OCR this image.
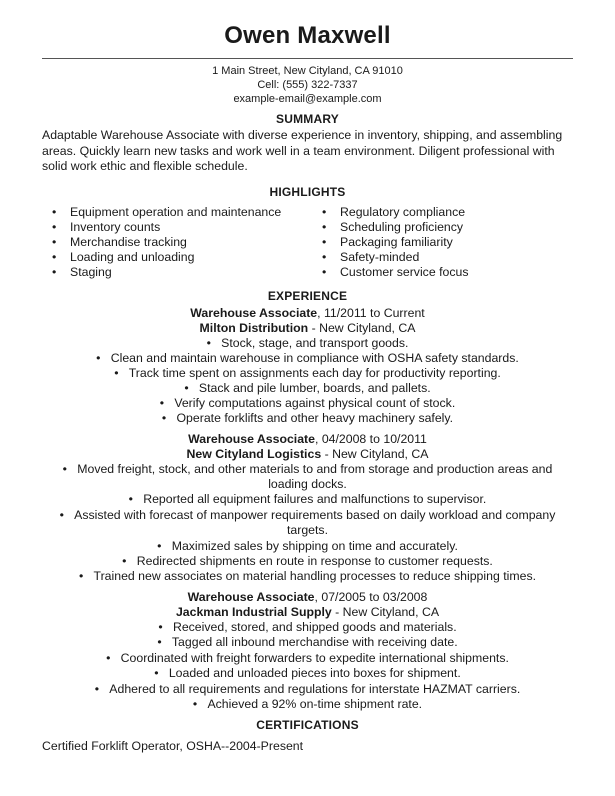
Owen Maxwell
1 Main Street, New Cityland, CA 91010
Cell: (555) 322-7337
example-email@example.com
SUMMARY
Adaptable Warehouse Associate with diverse experience in inventory, shipping, and assembling
areas. Quickly learn new tasks and work well in a team environment. Diligent professional with
solid work ethic and flexible schedule.
HIGHLIGHTS
• Equipment operation and maintenance
• Inventory counts
• Merchandise tracking
• Loading and unloading
• Staging
• Regulatory compliance
• Scheduling proficiency
• Packaging familiarity
• Safety-minded
• Customer service focus
EXPERIENCE
Warehouse Associate, 11/2011 to Current
Milton Distribution - New Cityland, CA
• Stock, stage, and transport goods.
• Clean and maintain warehouse in compliance with OSHA safety standards.
• Track time spent on assignments each day for productivity reporting.
• Stack and pile lumber, boards, and pallets.
• Verify computations against physical count of stock.
• Operate forklifts and other heavy machinery safely.
Warehouse Associate, 04/2008 to 10/2011
New Cityland Logistics - New Cityland, CA
• Moved freight, stock, and other materials to and from storage and production areas and
loading docks.
• Reported all equipment failures and malfunctions to supervisor.
• Assisted with forecast of manpower requirements based on daily workload and company
targets.
• Maximized sales by shipping on time and accurately.
• Redirected shipments en route in response to customer requests.
• Trained new associates on material handling processes to reduce shipping times.
Warehouse Associate, 07/2005 to 03/2008
Jackman Industrial Supply - New Cityland, CA
• Received, stored, and shipped goods and materials.
• Tagged all inbound merchandise with receiving date.
• Coordinated with freight forwarders to expedite international shipments.
• Loaded and unloaded pieces into boxes for shipment.
• Adhered to all requirements and regulations for interstate HAZMAT carriers.
• Achieved a 92% on-time shipment rate.
CERTIFICATIONS
Certified Forklift Operator, OSHA--2004-Present
